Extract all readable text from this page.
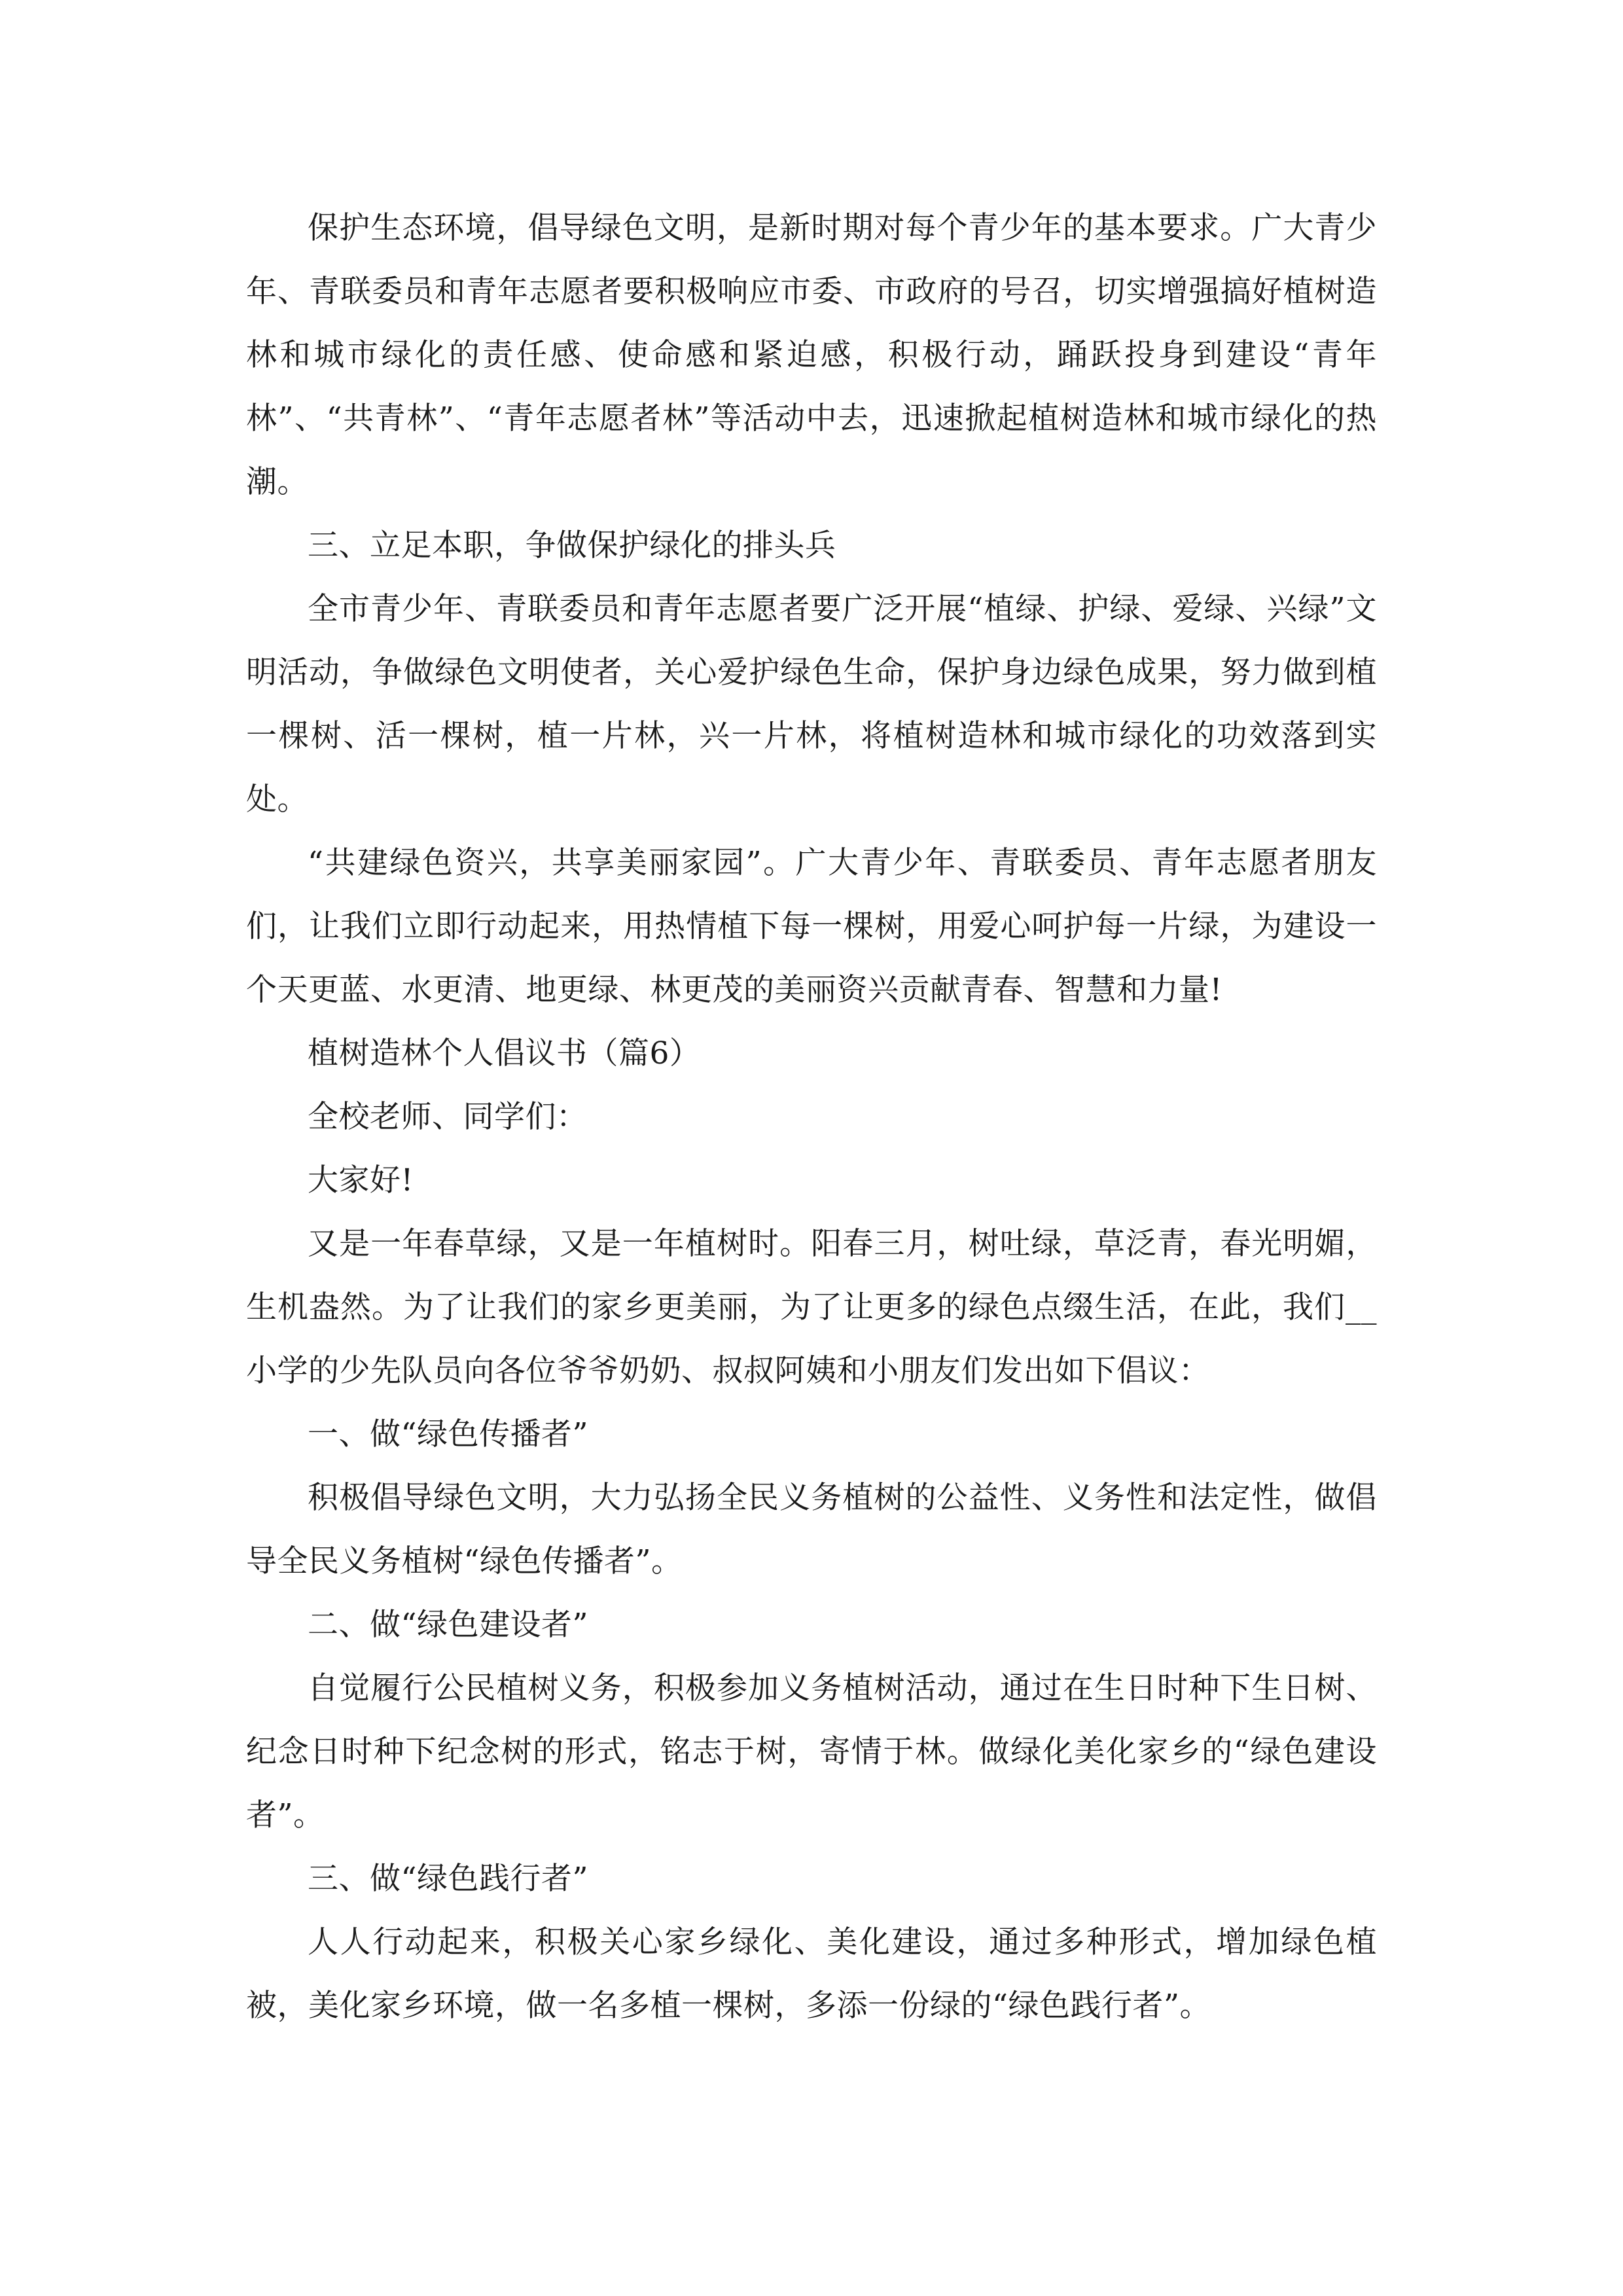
保护生态环境，倡导绿色文明，是新时期对每个青少年的基本要求。广大青少年、青联委员和青年志愿者要积极响应市委、市政府的号召，切实增强搞好植树造林和城市绿化的责任感、使命感和紧迫感，积极行动，踊跃投身到建设“青年林”、“共青林”、“青年志愿者林”等活动中去，迅速掀起植树造林和城市绿化的热潮。

三、立足本职，争做保护绿化的排头兵

全市青少年、青联委员和青年志愿者要广泛开展“植绿、护绿、爱绿、兴绿”文明活动，争做绿色文明使者，关心爱护绿色生命，保护身边绿色成果，努力做到植一棵树、活一棵树，植一片林，兴一片林，将植树造林和城市绿化的功效落到实处。

“共建绿色资兴，共享美丽家园”。广大青少年、青联委员、青年志愿者朋友们，让我们立即行动起来，用热情植下每一棵树，用爱心呵护每一片绿，为建设一个天更蓝、水更清、地更绿、林更茂的美丽资兴贡献青春、智慧和力量!

植树造林个人倡议书（篇6）

全校老师、同学们：

大家好!

又是一年春草绿，又是一年植树时。阳春三月，树吐绿，草泛青，春光明媚，生机盎然。为了让我们的家乡更美丽，为了让更多的绿色点缀生活，在此，我们__小学的少先队员向各位爷爷奶奶、叔叔阿姨和小朋友们发出如下倡议：

一、做“绿色传播者”

积极倡导绿色文明，大力弘扬全民义务植树的公益性、义务性和法定性，做倡导全民义务植树“绿色传播者”。

二、做“绿色建设者”

自觉履行公民植树义务，积极参加义务植树活动，通过在生日时种下生日树、纪念日时种下纪念树的形式，铭志于树，寄情于林。做绿化美化家乡的“绿色建设者”。

三、做“绿色践行者”

人人行动起来，积极关心家乡绿化、美化建设，通过多种形式，增加绿色植被，美化家乡环境，做一名多植一棵树，多添一份绿的“绿色践行者”。
